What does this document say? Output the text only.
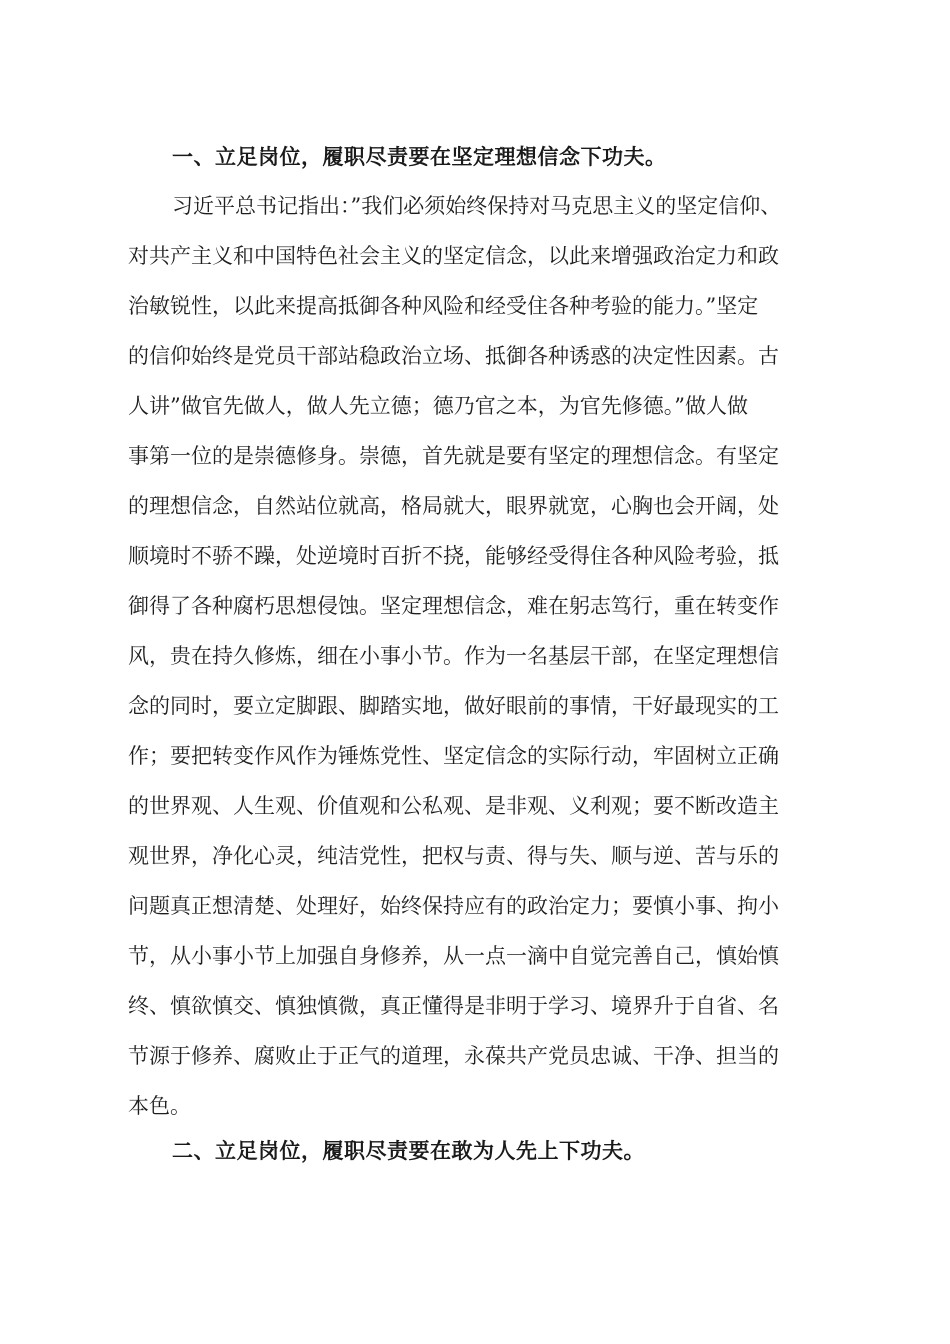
一、立足岗位，履职尽责要在坚定理想信念下功夫。
习近平总书记指出：”我们必须始终保持对马克思主义的坚定信仰、
对共产主义和中国特色社会主义的坚定信念，以此来增强政治定力和政
治敏锐性，以此来提高抵御各种风险和经受住各种考验的能力。”坚定
的信仰始终是党员干部站稳政治立场、抵御各种诱惑的决定性因素。古
人讲”做官先做人，做人先立德；德乃官之本，为官先修德。”做人做
事第一位的是崇德修身。崇德，首先就是要有坚定的理想信念。有坚定
的理想信念，自然站位就高，格局就大，眼界就宽，心胸也会开阔，处
顺境时不骄不躁，处逆境时百折不挠，能够经受得住各种风险考验，抵
御得了各种腐朽思想侵蚀。坚定理想信念，难在躬志笃行，重在转变作
风，贵在持久修炼，细在小事小节。作为一名基层干部，在坚定理想信
念的同时，要立定脚跟、脚踏实地，做好眼前的事情，干好最现实的工
作；要把转变作风作为锤炼党性、坚定信念的实际行动，牢固树立正确
的世界观、人生观、价值观和公私观、是非观、义利观；要不断改造主
观世界，净化心灵，纯洁党性，把权与责、得与失、顺与逆、苦与乐的
问题真正想清楚、处理好，始终保持应有的政治定力；要慎小事、拘小
节，从小事小节上加强自身修养，从一点一滴中自觉完善自己，慎始慎
终、慎欲慎交、慎独慎微，真正懂得是非明于学习、境界升于自省、名
节源于修养、腐败止于正气的道理，永葆共产党员忠诚、干净、担当的
本色。
二、立足岗位，履职尽责要在敢为人先上下功夫。
